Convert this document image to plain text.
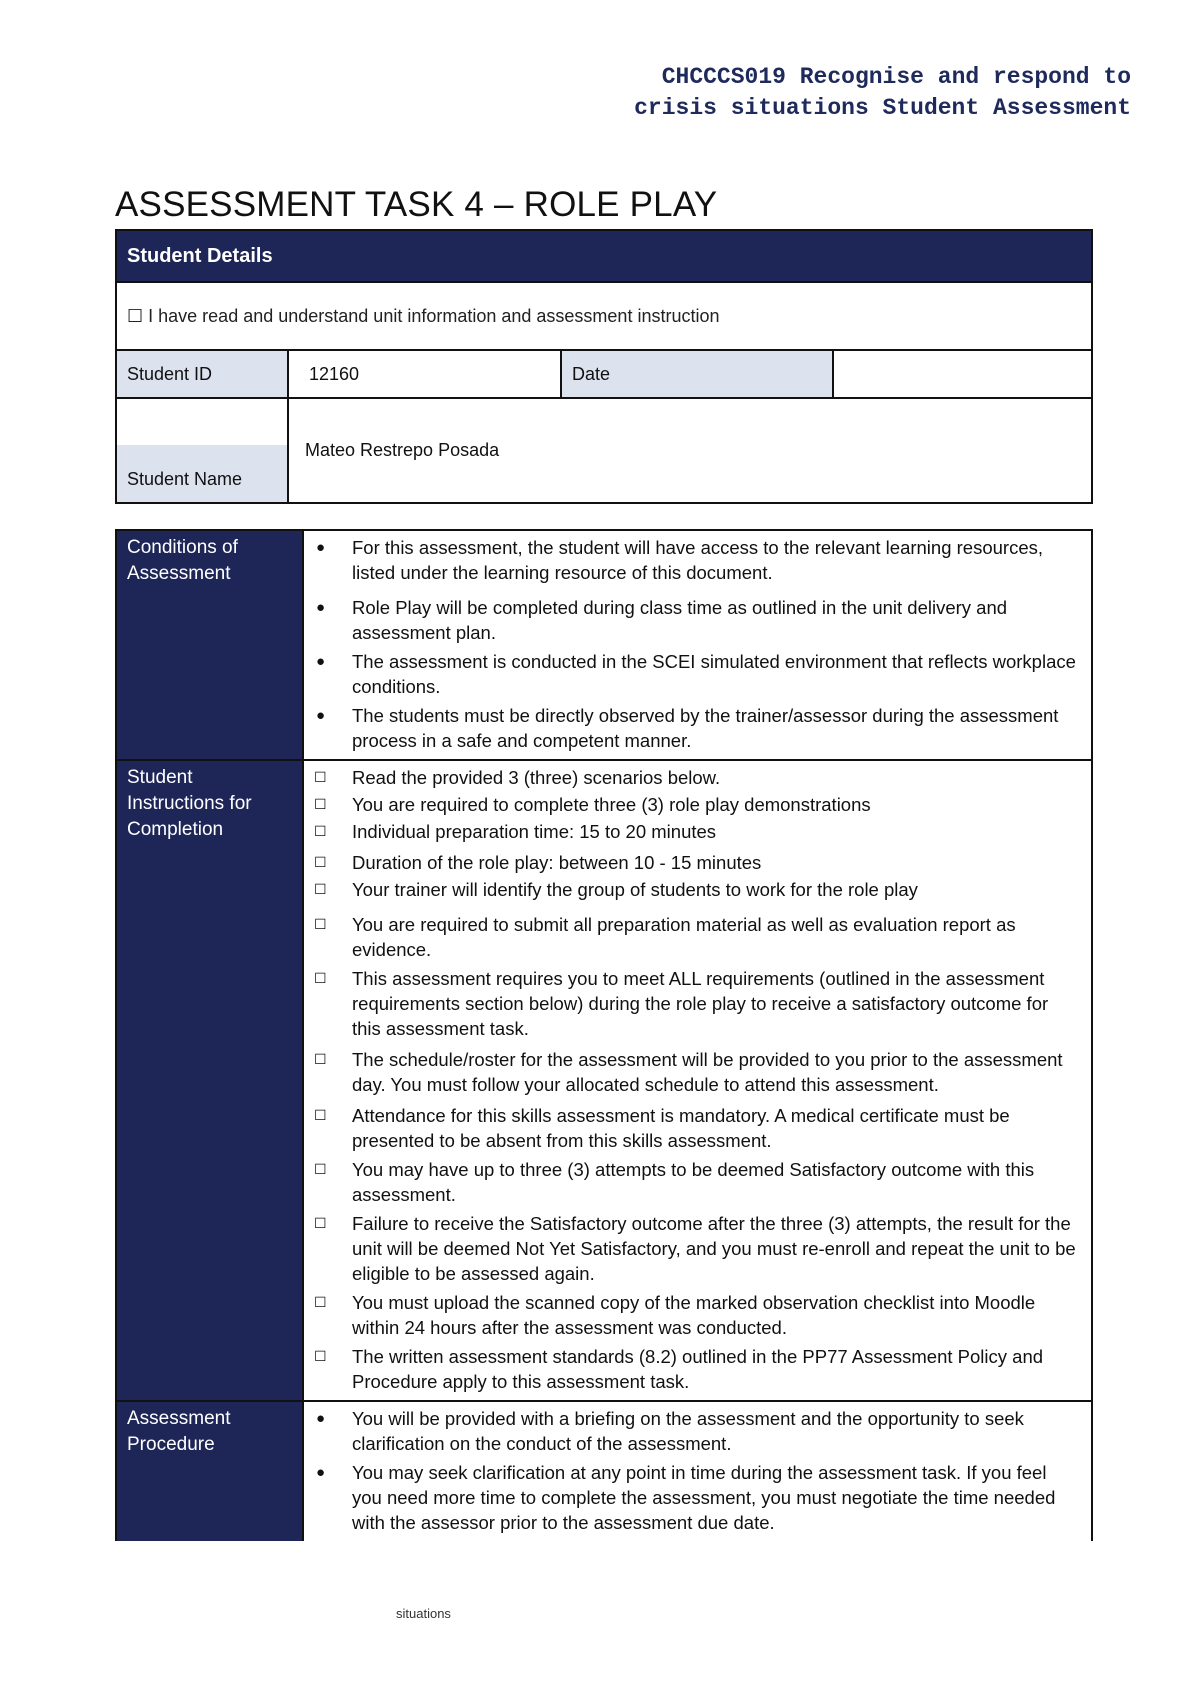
CHCCCS019 Recognise and respond to
crisis situations Student Assessment
ASSESSMENT TASK 4 – ROLE PLAY
Student Details
☐ I have read and understand unit information and assessment instruction
Student ID	12160	Date
Student Name
Mateo Restrepo Posada
Conditions of Assessment
●	For this assessment, the student will have access to the relevant learning resources, listed under the learning resource of this document.
●	Role Play will be completed during class time as outlined in the unit delivery and assessment plan.
●	The assessment is conducted in the SCEI simulated environment that reflects workplace conditions.
●	The students must be directly observed by the trainer/assessor during the assessment process in a safe and competent manner.
Student Instructions for Completion
☐	Read the provided 3 (three) scenarios below.
☐	You are required to complete three (3) role play demonstrations
☐	Individual preparation time: 15 to 20 minutes
☐	Duration of the role play: between 10 - 15 minutes
☐	Your trainer will identify the group of students to work for the role play
☐	You are required to submit all preparation material as well as evaluation report as evidence.
☐	This assessment requires you to meet ALL requirements (outlined in the assessment requirements section below) during the role play to receive a satisfactory outcome for this assessment task.
☐	The schedule/roster for the assessment will be provided to you prior to the assessment day. You must follow your allocated schedule to attend this assessment.
☐	Attendance for this skills assessment is mandatory. A medical certificate must be presented to be absent from this skills assessment.
☐	You may have up to three (3) attempts to be deemed Satisfactory outcome with this assessment.
☐	Failure to receive the Satisfactory outcome after the three (3) attempts, the result for the unit will be deemed Not Yet Satisfactory, and you must re-enroll and repeat the unit to be eligible to be assessed again.
☐	You must upload the scanned copy of the marked observation checklist into Moodle within 24 hours after the assessment was conducted.
☐	The written assessment standards (8.2) outlined in the PP77 Assessment Policy and Procedure apply to this assessment task.
Assessment Procedure
●	You will be provided with a briefing on the assessment and the opportunity to seek clarification on the conduct of the assessment.
●	You may seek clarification at any point in time during the assessment task. If you feel you need more time to complete the assessment, you must negotiate the time needed with the assessor prior to the assessment due date.
situations
